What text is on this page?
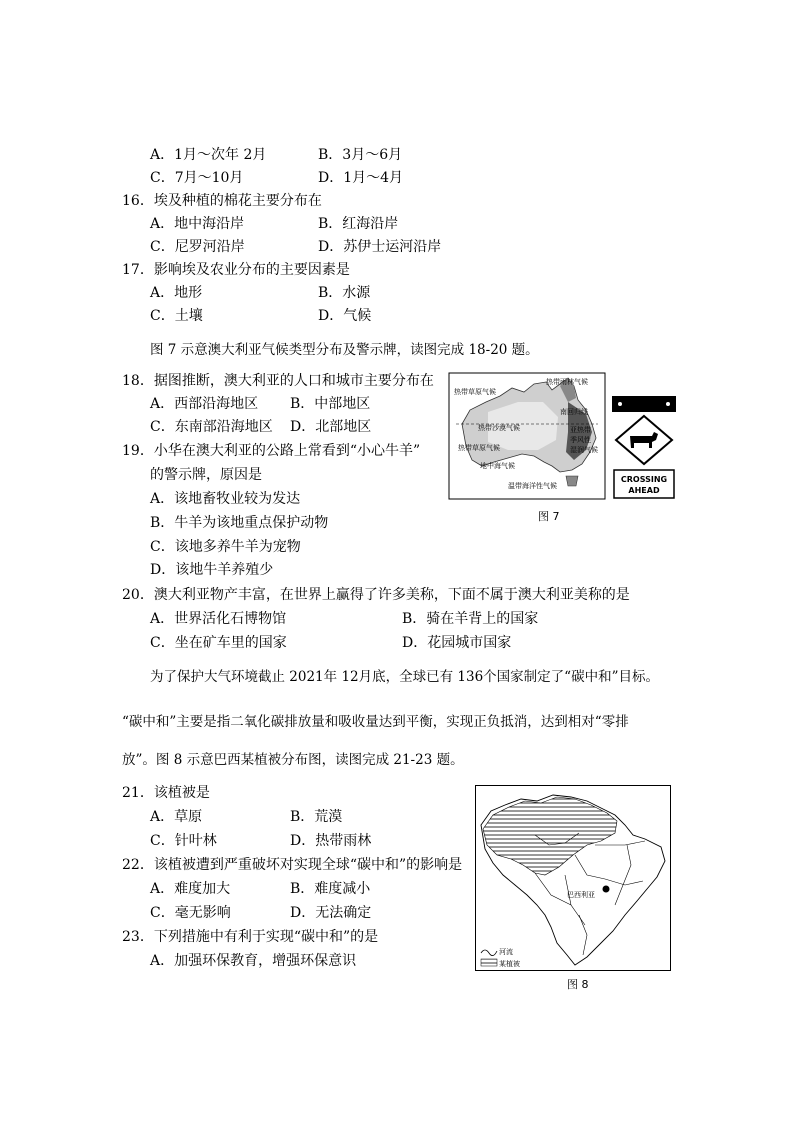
A．1月～次年 2月	B．3月～6月
C．7月～10月	D．1月～4月
16．埃及种植的棉花主要分布在
A．地中海沿岸	B．红海沿岸
C．尼罗河沿岸	D．苏伊士运河沿岸
17．影响埃及农业分布的主要因素是
A．地形	B．水源
C．土壤	D．气候
图 7 示意澳大利亚气候类型分布及警示牌，读图完成 18-20 题。
18．据图推断，澳大利亚的人口和城市主要分布在
A．西部沿海地区 B．中部地区
C．东南部沿海地区 D．北部地区
19．小华在澳大利亚的公路上常看到“小心牛羊”
的警示牌，原因是
A．该地畜牧业较为发达
B．牛羊为该地重点保护动物
C．该地多养牛羊为宠物
D．该地牛羊养殖少
热带草原气候
热带雨林气候
南回归线
热带沙漠气候	亚热带
季风性
湿润气候
热带草原气候
地中海气候
温带海洋性气候
CROSSING
AHEAD
图 7
20．澳大利亚物产丰富，在世界上赢得了许多美称，下面不属于澳大利亚美称的是
A．世界活化石博物馆	B．骑在羊背上的国家
C．坐在矿车里的国家	D．花园城市国家
为了保护大气环境截止 2021年 12月底，全球已有 136个国家制定了“碳中和”目标。
“碳中和”主要是指二氧化碳排放量和吸收量达到平衡，实现正负抵消，达到相对“零排
放”。图 8 示意巴西某植被分布图，读图完成 21-23 题。
21．该植被是
A．草原	B．荒漠
C．针叶林	D．热带雨林
22．该植被遭到严重破坏对实现全球“碳中和”的影响是
A．难度加大	B．难度减小
C．毫无影响	D．无法确定
23．下列措施中有利于实现“碳中和”的是
A．加强环保教育，增强环保意识
巴西利亚
河流
某植被
图 8
